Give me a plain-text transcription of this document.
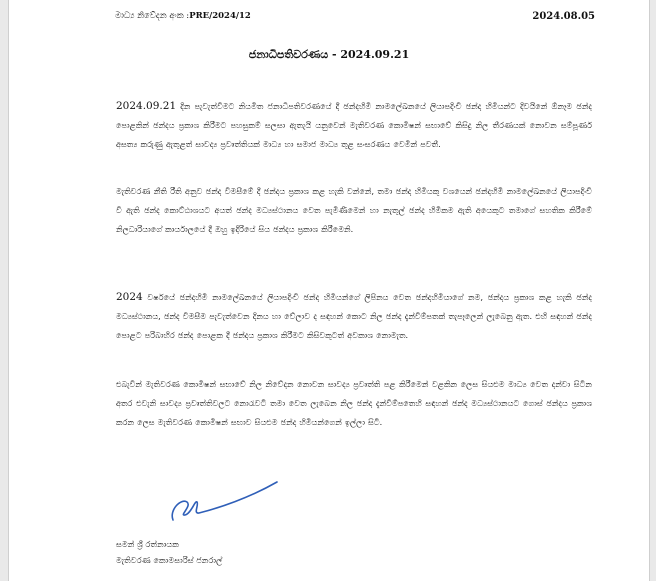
මාධ්‍ය නිවේදන අංක :PRE/2024/12	2024.08.05
ජනාධිපතිවරණය - 2024.09.21

2024.09.21 දින පැවැත්වීමට නියමිත ජනාධිපතිවරණයේ දී ඡන්දහිමි නාමලේඛනයේ ලියාපදිංචි ඡන්ද හිමියන්ට දිවයිනේ ඕනෑම ඡන්ද පොළකින් ඡන්දය ප්‍රකාශ කිරීමට පහසුකම් සලසා ඇතැයි යනුවෙන් මැතිවරණ කොමිෂන් සභාවේ කිසිදු නිල තීරණයක් නොවන සම්පූර්ණ අසත්‍ය කරුණු ඇතුළත් සාවද්‍ය ප්‍රවෘත්තියක් මාධ්‍ය හා සමාජ මාධ්‍ය තුළ සංසරණය වෙමින් පවතී.

මැතිවරණ නීති රීති අනුව ඡන්ද විමසීමේ දී ඡන්දය ප්‍රකාශ කළ හැකි වන්නේ, තමා ඡන්ද හිමියකු වශයෙන් ඡන්දහිමි නාමලේඛනයේ ලියාපදිංචි වී ඇති ඡන්ද කොට්ඨාශයට අයත් ඡන්ද මධ්‍යස්ථානය වෙත පැමිණීමෙන් හා නැතුල් ඡන්ද හිමිකම ඇති අයෙකුට තමාගේ සහතික කිරීමේ නිලධාරියාගේ කාර්යාලයේ දී ඔහු ඉදිරියේ සිය ඡන්දය ප්‍රකාශ කිරීමෙනි.

2024 වර්ෂයේ ඡන්දහිමි නාමලේඛනයේ ලියාපදිංචි ඡන්ද හිමියන්ගේ ලිපිනය වෙත ඡන්දහිමියාගේ නම, ඡන්දය ප්‍රකාශ කළ හැකි ඡන්ද මධ්‍යස්ථානය, ඡන්ද විමසීම පැවැත්වෙන දිනය හා වේලාව ද සඳහන් කොට නිල ඡන්ද දැන්වීම්පතක් තැපෑලෙන් ලැබෙනු ඇත. එහි සඳහන් ඡන්ද පොළට පරිබාහිර ඡන්ද පොළක දී ඡන්දය ප්‍රකාශ කිරීමට කිසිවකුටත් අවකාශ නොමැත.

එබැවින් මැතිවරණ කොමිෂන් සභාවේ නිල නිවේදන නොවන සාවද්‍ය ප්‍රවෘත්ති පළ කිරීමෙන් වළකින ලෙස සියළුම මාධ්‍ය වෙත දන්වා සිටින අතර එවැනි සාවද්‍ය ප්‍රවෘත්තිවලට නොරැවටී තමා වෙත ලැබෙන නිල ඡන්ද දැන්වීම්පතෙහි සඳහන් ඡන්ද මධ්‍යස්ථානයට ගොස් ඡන්දය ප්‍රකාශ කරන ලෙස මැතිවරණ කොමිෂන් සභාව සියළුම ඡන්ද හිමියන්ගෙන් ඉල්ලා සිටී.

සමන් ශ්‍රී රත්නායක
මැතිවරණ කොමසාරිස් ජනරාල්
